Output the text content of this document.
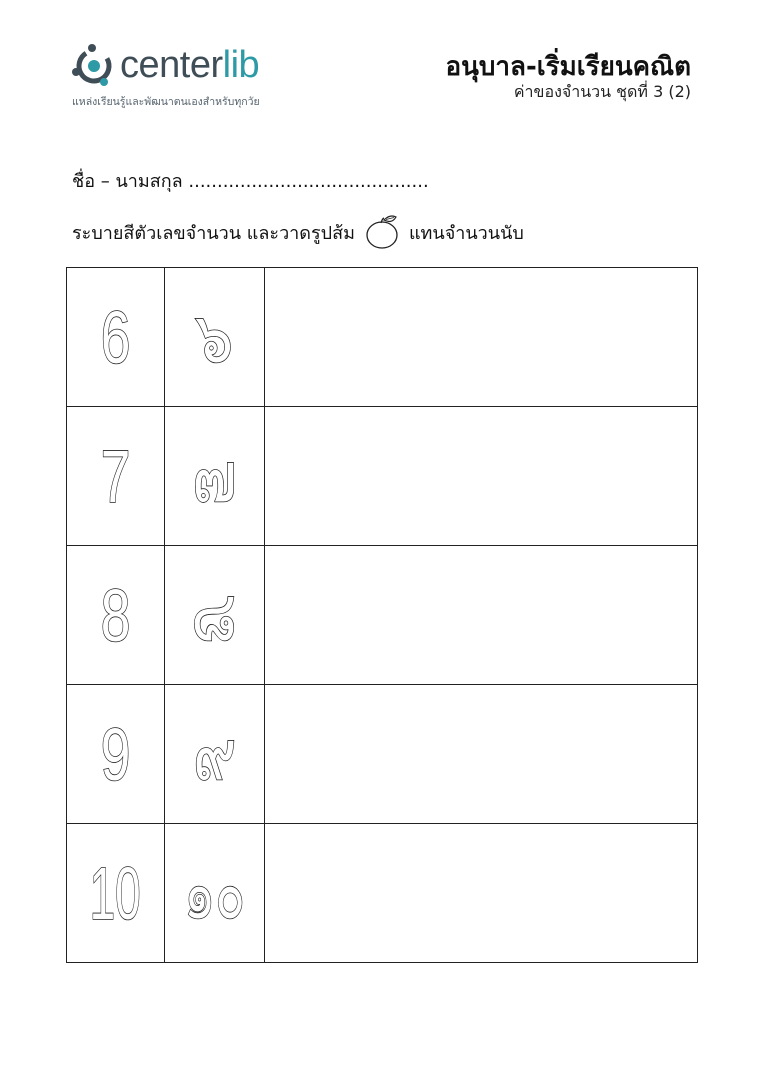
centerlib
แหล่งเรียนรู้และพัฒนาตนเองสำหรับทุกวัย
อนุบาล-เริ่มเรียนคณิต
ค่าของจำนวน ชุดที่ 3 (2)
ชื่อ – นามสกุล ..........................................
ระบายสีตัวเลขจำนวน และวาดรูปส้ม	แทนจำนวนนับ
6	๖	
7	๗	
8	๘	
9	๙	
10	๑๐	
